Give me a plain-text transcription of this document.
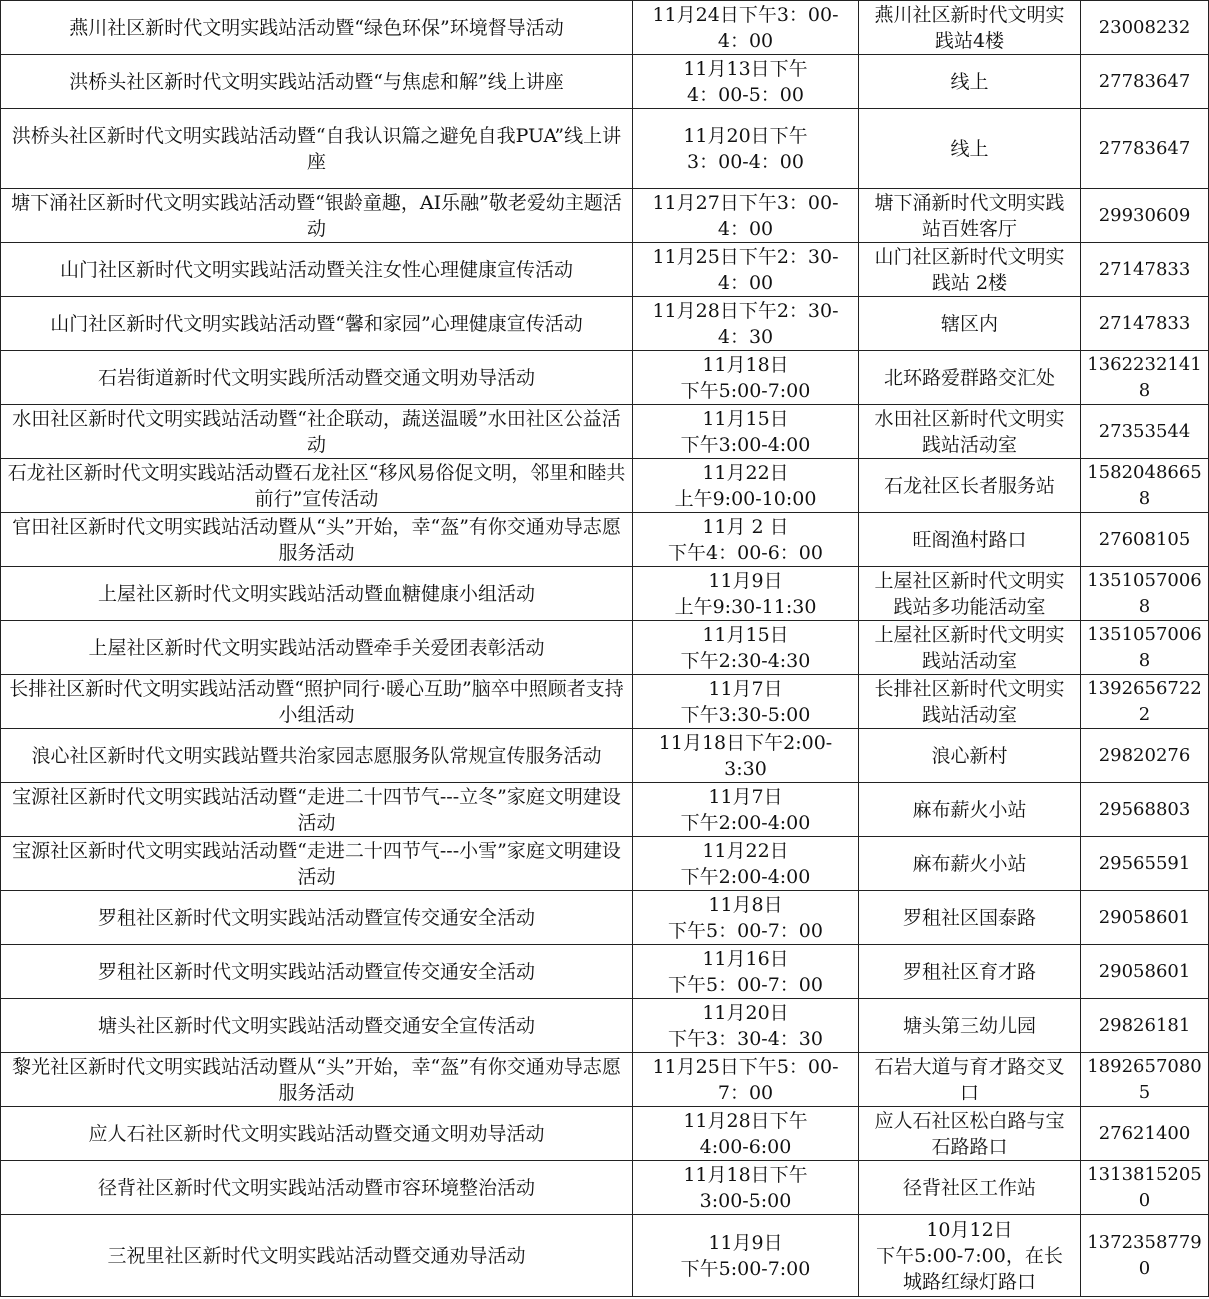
燕川社区新时代文明实践站活动暨“绿色环保”环境督导活动	11月24日下午3：00-
4：00	燕川社区新时代文明实
践站4楼	23008232
洪桥头社区新时代文明实践站活动暨“与焦虑和解”线上讲座	11月13日下午
4：00-5：00	线上	27783647
洪桥头社区新时代文明实践站活动暨“自我认识篇之避免自我PUA”线上讲座	11月20日下午
3：00-4：00	线上	27783647
塘下涌社区新时代文明实践站活动暨“银龄童趣，AI乐融”敬老爱幼主题活动	11月27日下午3：00-
4：00	塘下涌新时代文明实践
站百姓客厅	29930609
山门社区新时代文明实践站活动暨关注女性心理健康宣传活动	11月25日下午2：30-
4：00	山门社区新时代文明实
践站 2楼	27147833
山门社区新时代文明实践站活动暨“馨和家园”心理健康宣传活动	11月28日下午2：30-
4：30	辖区内	27147833
石岩街道新时代文明实践所活动暨交通文明劝导活动	11月18日
下午5:00-7:00	北环路爱群路交汇处	13622321418
水田社区新时代文明实践站活动暨“社企联动，蔬送温暖”水田社区公益活动	11月15日
下午3:00-4:00	水田社区新时代文明实
践站活动室	27353544
石龙社区新时代文明实践站活动暨石龙社区“移风易俗促文明，邻里和睦共前行”宣传活动	11月22日
上午9:00-10:00	石龙社区长者服务站	15820486658
官田社区新时代文明实践站活动暨从“头”开始，幸“盔”有你交通劝导志愿服务活动	11月 2 日
下午4：00-6：00	旺阁渔村路口	27608105
上屋社区新时代文明实践站活动暨血糖健康小组活动	11月9日
上午9:30-11:30	上屋社区新时代文明实
践站多功能活动室	13510570068
上屋社区新时代文明实践站活动暨牵手关爱团表彰活动	11月15日
下午2:30-4:30	上屋社区新时代文明实
践站活动室	13510570068
长排社区新时代文明实践站活动暨“照护同行·暖心互助”脑卒中照顾者支持小组活动	11月7日
下午3:30-5:00	长排社区新时代文明实
践站活动室	13926567222
浪心社区新时代文明实践站暨共治家园志愿服务队常规宣传服务活动	11月18日下午2:00-
3:30	浪心新村	29820276
宝源社区新时代文明实践站活动暨“走进二十四节气---立冬”家庭文明建设活动	11月7日
下午2:00-4:00	麻布薪火小站	29568803
宝源社区新时代文明实践站活动暨“走进二十四节气---小雪”家庭文明建设活动	11月22日
下午2:00-4:00	麻布薪火小站	29565591
罗租社区新时代文明实践站活动暨宣传交通安全活动	11月8日
下午5：00-7：00	罗租社区国泰路	29058601
罗租社区新时代文明实践站活动暨宣传交通安全活动	11月16日
下午5：00-7：00	罗租社区育才路	29058601
塘头社区新时代文明实践站活动暨交通安全宣传活动	11月20日
下午3：30-4：30	塘头第三幼儿园	29826181
黎光社区新时代文明实践站活动暨从“头”开始，幸“盔”有你交通劝导志愿服务活动	11月25日下午5：00-
7：00	石岩大道与育才路交叉
口	18926570805
应人石社区新时代文明实践站活动暨交通文明劝导活动	11月28日下午
4:00-6:00	应人石社区松白路与宝
石路路口	27621400
径背社区新时代文明实践站活动暨市容环境整治活动	11月18日下午
3:00-5:00	径背社区工作站	13138152050
三祝里社区新时代文明实践站活动暨交通劝导活动	11月9日
下午5:00-7:00	10月12日
下午5:00-7:00，在长
城路红绿灯路口	13723587790
